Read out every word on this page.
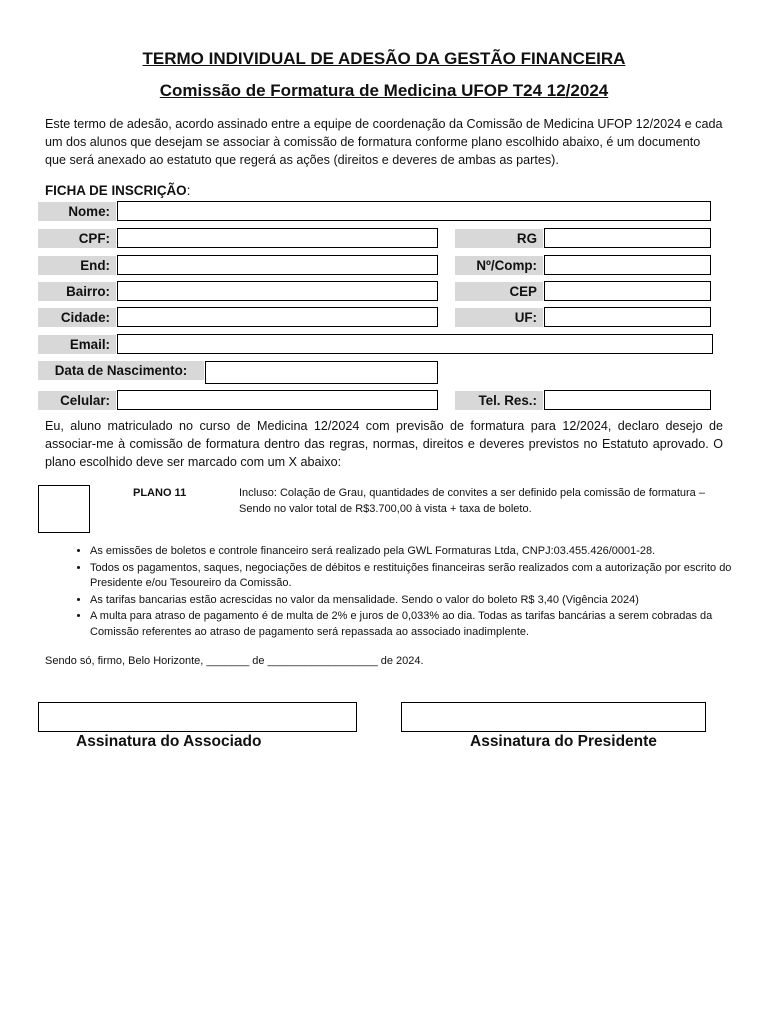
TERMO INDIVIDUAL DE ADESÃO DA GESTÃO FINANCEIRA
Comissão de Formatura de Medicina UFOP T24 12/2024
Este termo de adesão, acordo assinado entre a equipe de coordenação da Comissão de Medicina UFOP 12/2024 e cada um dos alunos que desejam se associar à comissão de formatura conforme plano escolhido abaixo, é um documento que será anexado ao estatuto que regerá as ações (direitos e deveres de ambas as partes).
FICHA DE INSCRIÇÃO:
Nome:
CPF:	RG
End:	Nº/Comp:
Bairro:	CEP
Cidade:	UF:
Email:
Data de Nascimento:
Celular:	Tel. Res.:
Eu, aluno matriculado no curso de Medicina 12/2024 com previsão de formatura para 12/2024, declaro desejo de associar-me à comissão de formatura dentro das regras, normas, direitos e deveres previstos no Estatuto aprovado. O plano escolhido deve ser marcado com um X abaixo:
PLANO 11	Incluso: Colação de Grau, quantidades de convites a ser definido pela comissão de formatura – Sendo no valor total de R$3.700,00 à vista + taxa de boleto.
• As emissões de boletos e controle financeiro será realizado pela GWL Formaturas Ltda, CNPJ:03.455.426/0001-28.
• Todos os pagamentos, saques, negociações de débitos e restituições financeiras serão realizados com a autorização por escrito do Presidente e/ou Tesoureiro da Comissão.
• As tarifas bancarias estão acrescidas no valor da mensalidade. Sendo o valor do boleto R$ 3,40 (Vigência 2024)
• A multa para atraso de pagamento é de multa de 2% e juros de 0,033% ao dia. Todas as tarifas bancárias a serem cobradas da Comissão referentes ao atraso de pagamento será repassada ao associado inadimplente.
Sendo só, firmo, Belo Horizonte, _______ de __________________ de 2024.
Assinatura do Associado	Assinatura do Presidente
